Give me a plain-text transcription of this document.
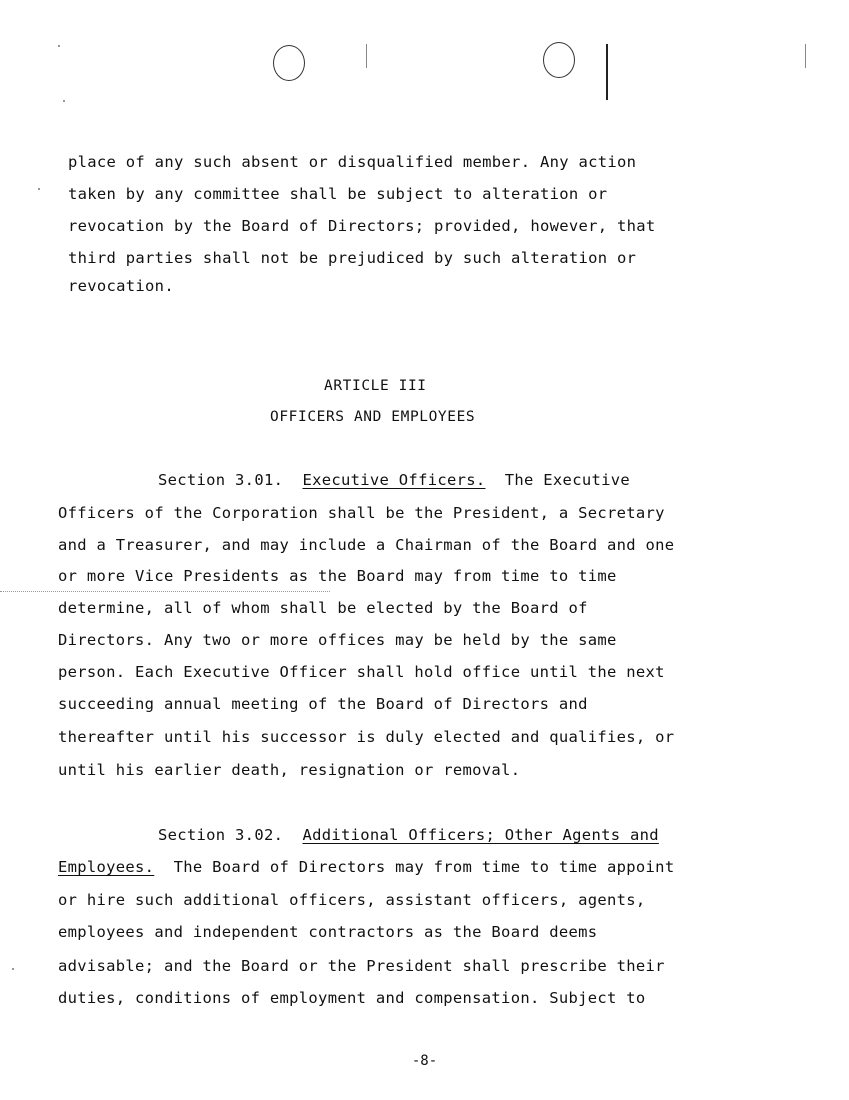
place of any such absent or disqualified member. Any action
taken by any committee shall be subject to alteration or
revocation by the Board of Directors; provided, however, that
third parties shall not be prejudiced by such alteration or
revocation.
ARTICLE III
OFFICERS AND EMPLOYEES
Section 3.01. Executive Officers. The Executive
Officers of the Corporation shall be the President, a Secretary
and a Treasurer, and may include a Chairman of the Board and one
or more Vice Presidents as the Board may from time to time
determine, all of whom shall be elected by the Board of
Directors. Any two or more offices may be held by the same
person. Each Executive Officer shall hold office until the next
succeeding annual meeting of the Board of Directors and
thereafter until his successor is duly elected and qualifies, or
until his earlier death, resignation or removal.
Section 3.02. Additional Officers; Other Agents and
Employees. The Board of Directors may from time to time appoint
or hire such additional officers, assistant officers, agents,
employees and independent contractors as the Board deems
advisable; and the Board or the President shall prescribe their
duties, conditions of employment and compensation. Subject to
-8-
